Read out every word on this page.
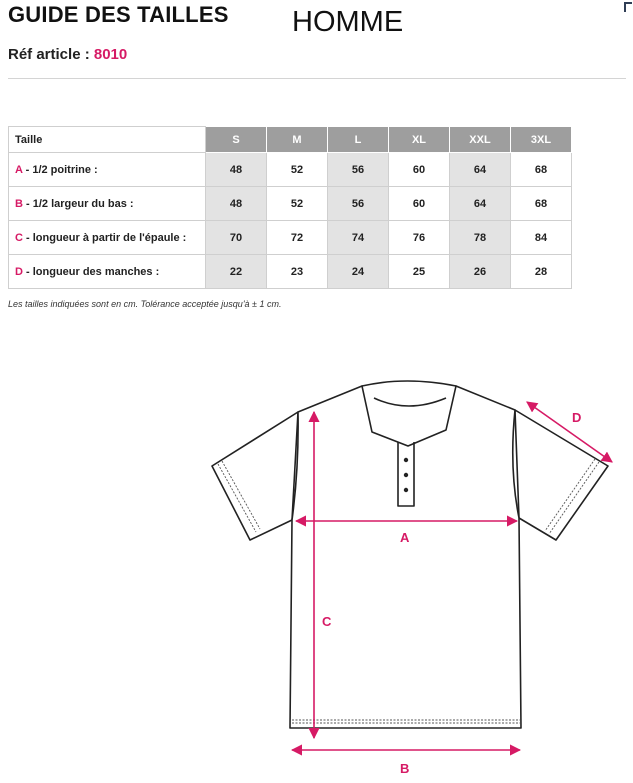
GUIDE DES TAILLES HOMME
Réf article : 8010
Taille	S	M	L	XL	XXL	3XL
A - 1/2 poitrine :	48	52	56	60	64	68
B - 1/2 largeur du bas :	48	52	56	60	64	68
C - longueur à partir de l'épaule :	70	72	74	76	78	84
D - longueur des manches :	22	23	24	25	26	28
Les tailles indiquées sont en cm. Tolérance acceptée jusqu'à ± 1 cm.
A
B
C
D
